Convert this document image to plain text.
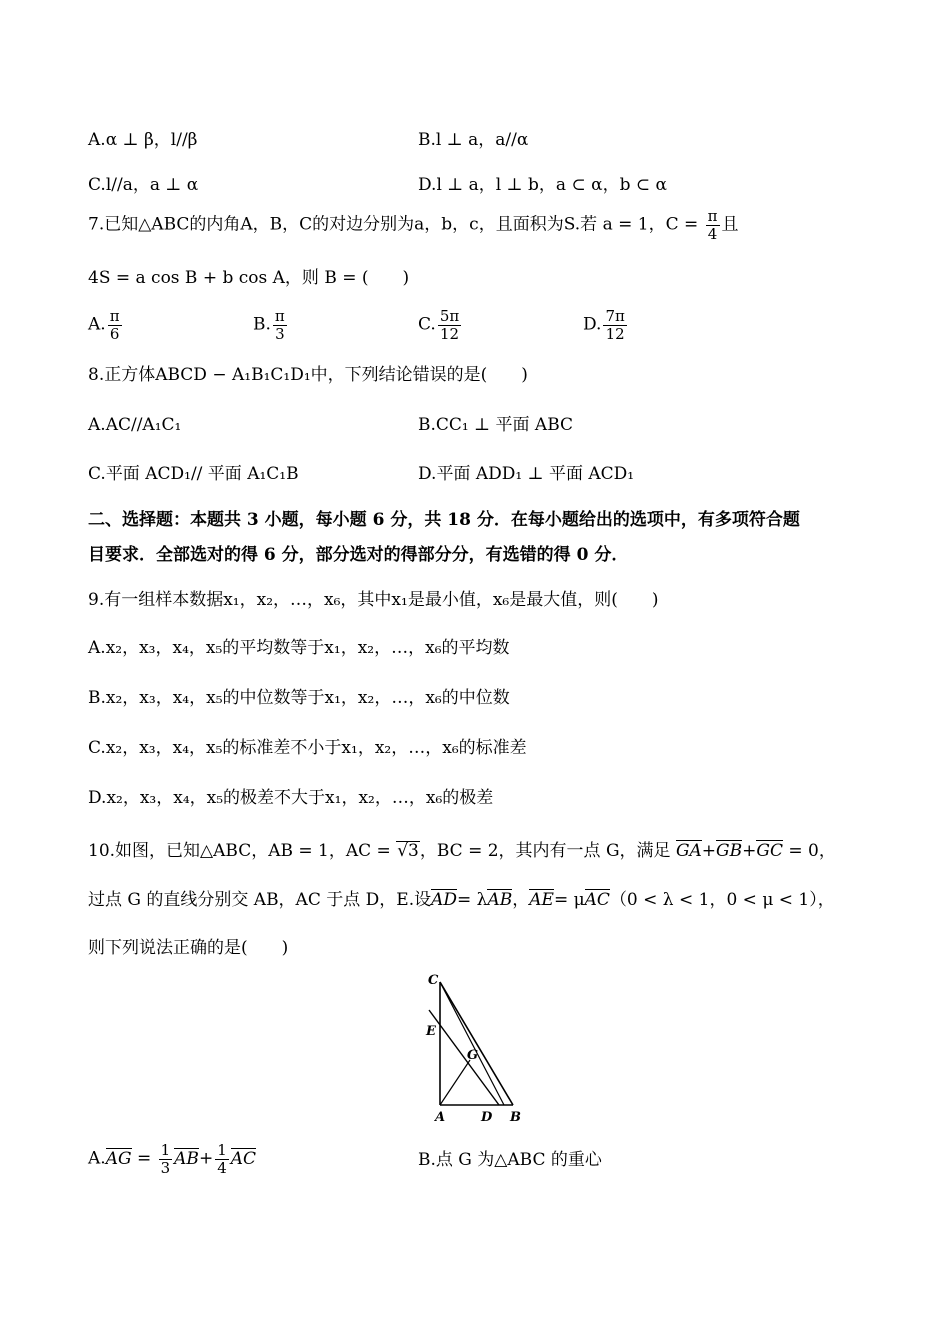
A.α ⊥ β，l//β	B.l ⊥ a，a//α
C.l//a，a ⊥ α	D.l ⊥ a，l ⊥ b，a ⊂ α，b ⊂ α
7.已知△ABC的内角A，B，C的对边分别为a，b，c，且面积为S.若 a = 1，$C = \frac{\pi}{4}$ 且
4S = a cos B + b cos A，则 B = (　　)
A. $\frac{\pi}{6}$	B. $\frac{\pi}{3}$	C. $\frac{5\pi}{12}$	D. $\frac{7\pi}{12}$
8.正方体ABCD − A₁B₁C₁D₁中，下列结论错误的是(　　)
A.AC//A₁C₁	B.CC₁ ⊥ 平面 ABC
C.平面 ACD₁// 平面 A₁C₁B	D.平面 ADD₁ ⊥ 平面 ACD₁
二、选择题：本题共 3 小题，每小题 6 分，共 18 分．在每小题给出的选项中，有多项符合题
目要求．全部选对的得 6 分，部分选对的得部分分，有选错的得 0 分．
9.有一组样本数据x₁，x₂，…，x₆，其中x₁是最小值，x₆是最大值，则(　　)
A.x₂，x₃，x₄，x₅的平均数等于x₁，x₂，…，x₆的平均数
B.x₂，x₃，x₄，x₅的中位数等于x₁，x₂，…，x₆的中位数
C.x₂，x₃，x₄，x₅的标准差不小于x₁，x₂，…，x₆的标准差
D.x₂，x₃，x₄，x₅的极差不大于x₁，x₂，…，x₆的极差
10.如图，已知△ABC，AB = 1，AC = √3，BC = 2，其内有一点 G，满足 GA+GB+GC = 0，
过点 G 的直线分别交 AB，AC 于点 D，E.设AD= λAB，AE= μAC（0 < λ < 1，0 < μ < 1），
则下列说法正确的是(　　)
C
E
G
A	D B
$A.AG = \frac{1}{3} AB+ \frac{1}{4}$ AC	B.点 G 为△ABC 的重心
